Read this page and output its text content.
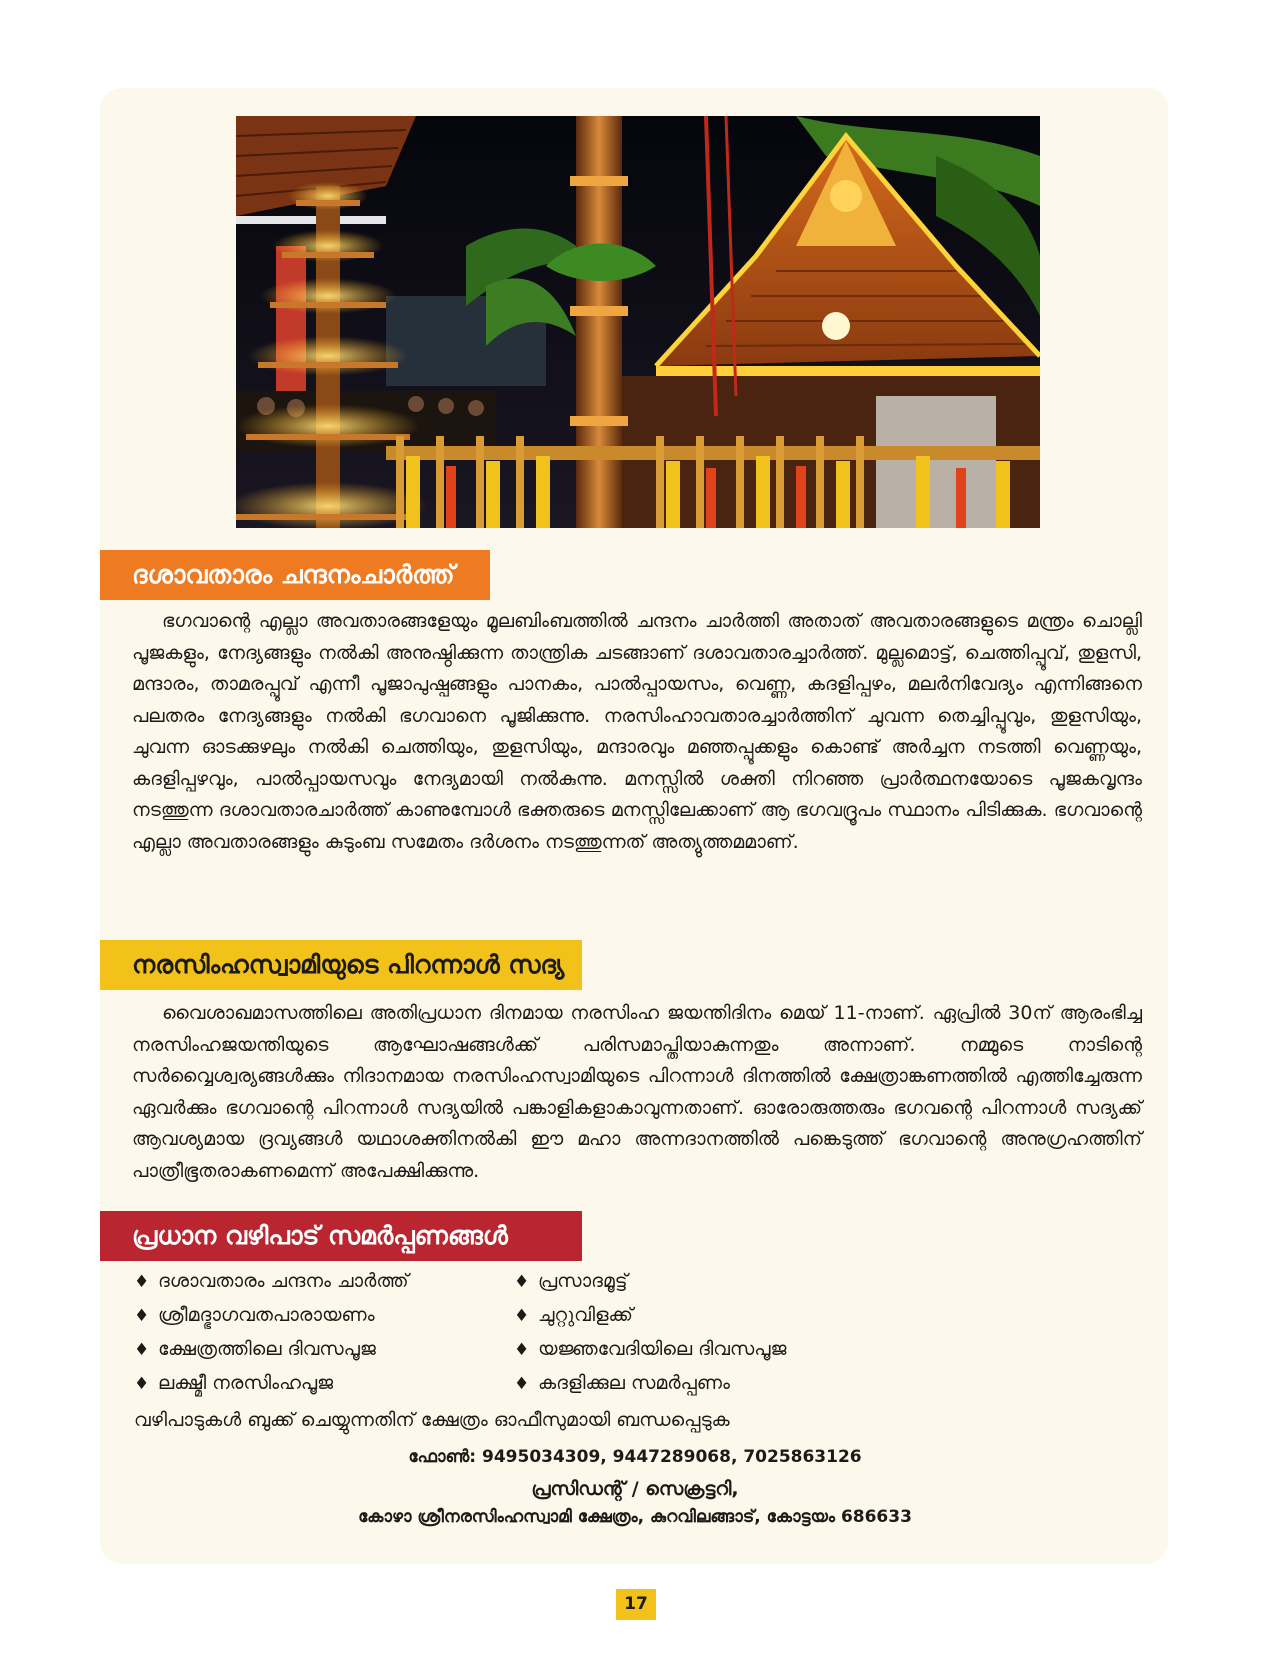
ദശാവതാരം ചന്ദനംചാർത്ത്

ഭഗവാന്റെ എല്ലാ അവതാരങ്ങളേയും മൂലബിംബത്തിൽ ചന്ദനം ചാർത്തി അതാത് അവതാരങ്ങളുടെ മന്ത്രം ചൊല്ലി പൂജകളും, നേദ്യങ്ങളും നൽകി അനുഷ്ഠിക്കുന്ന താന്ത്രിക ചടങ്ങാണ് ദശാവതാരച്ചാർത്ത്. മുല്ലമൊട്ട്, ചെത്തിപ്പൂവ്, തുളസി, മന്ദാരം, താമരപ്പൂവ് എന്നീ പൂജാപുഷ്പങ്ങളും പാനകം, പാൽപ്പായസം, വെണ്ണ, കദളിപ്പഴം, മലർനിവേദ്യം എന്നിങ്ങനെ പലതരം നേദ്യങ്ങളും നൽകി ഭഗവാനെ പൂജിക്കുന്നു. നരസിംഹാവതാരച്ചാർത്തിന് ചുവന്ന തെച്ചിപ്പൂവും, തുളസിയും, ചുവന്ന ഓടക്കുഴലും നൽകി ചെത്തിയും, തുളസിയും, മന്ദാരവും മഞ്ഞപ്പൂക്കളും കൊണ്ട് അർച്ചന നടത്തി വെണ്ണയും, കദളിപ്പഴവും, പാൽപ്പായസവും നേദ്യമായി നൽകുന്നു. മനസ്സിൽ ശക്തി നിറഞ്ഞ പ്രാർത്ഥനയോടെ പൂജകവൃന്ദം നടത്തുന്ന ദശാവതാരചാർത്ത് കാണുമ്പോൾ ഭക്തരുടെ മനസ്സിലേക്കാണ് ആ ഭഗവദ്രൂപം സ്ഥാനം പിടിക്കുക. ഭഗവാന്റെ എല്ലാ അവതാരങ്ങളും കുടുംബ സമേതം ദർശനം നടത്തുന്നത് അത്യുത്തമമാണ്.

നരസിംഹസ്വാമിയുടെ പിറന്നാൾ സദ്യ

വൈശാഖമാസത്തിലെ അതിപ്രധാന ദിനമായ നരസിംഹ ജയന്തിദിനം മെയ് 11-നാണ്. ഏപ്രിൽ 30ന് ആരംഭിച്ച നരസിംഹജയന്തിയുടെ ആഘോഷങ്ങൾക്ക് പരിസമാപ്തിയാകുന്നതും അന്നാണ്. നമ്മുടെ നാടിന്റെ സർവ്വൈശ്വര്യങ്ങൾക്കും നിദാനമായ നരസിംഹസ്വാമിയുടെ പിറന്നാൾ ദിനത്തിൽ ക്ഷേത്രാങ്കണത്തിൽ എത്തിച്ചേരുന്ന ഏവർക്കും ഭഗവാന്റെ പിറന്നാൾ സദ്യയിൽ പങ്കാളികളാകാവുന്നതാണ്. ഓരോരുത്തരും ഭഗവന്റെ പിറന്നാൾ സദ്യക്ക് ആവശ്യമായ ദ്രവ്യങ്ങൾ യഥാശക്തിനൽകി ഈ മഹാ അന്നദാനത്തിൽ പങ്കെടുത്ത് ഭഗവാന്റെ അനുഗ്രഹത്തിന് പാത്രീഭൂതരാകണമെന്ന് അപേക്ഷിക്കുന്നു.

പ്രധാന വഴിപാട് സമർപ്പണങ്ങൾ
♦ ദശാവതാരം ചന്ദനം ചാർത്ത്	♦ പ്രസാദമൂട്ട്
♦ ശ്രീമദ്ഭാഗവതപാരായണം	♦ ചുറ്റുവിളക്ക്
♦ ക്ഷേത്രത്തിലെ ദിവസപൂജ	♦ യജ്ഞവേദിയിലെ ദിവസപൂജ
♦ ലക്ഷ്മീ നരസിംഹപൂജ	♦ കദളിക്കുല സമർപ്പണം
വഴിപാടുകൾ ബുക്ക് ചെയ്യുന്നതിന് ക്ഷേത്രം ഓഫീസുമായി ബന്ധപ്പെടുക
ഫോൺ: 9495034309, 9447289068, 7025863126
പ്രസിഡന്റ് / സെക്രട്ടറി,
കോഴാ ശ്രീനരസിംഹസ്വാമി ക്ഷേത്രം, കുറവിലങ്ങാട്, കോട്ടയം 686633
17
